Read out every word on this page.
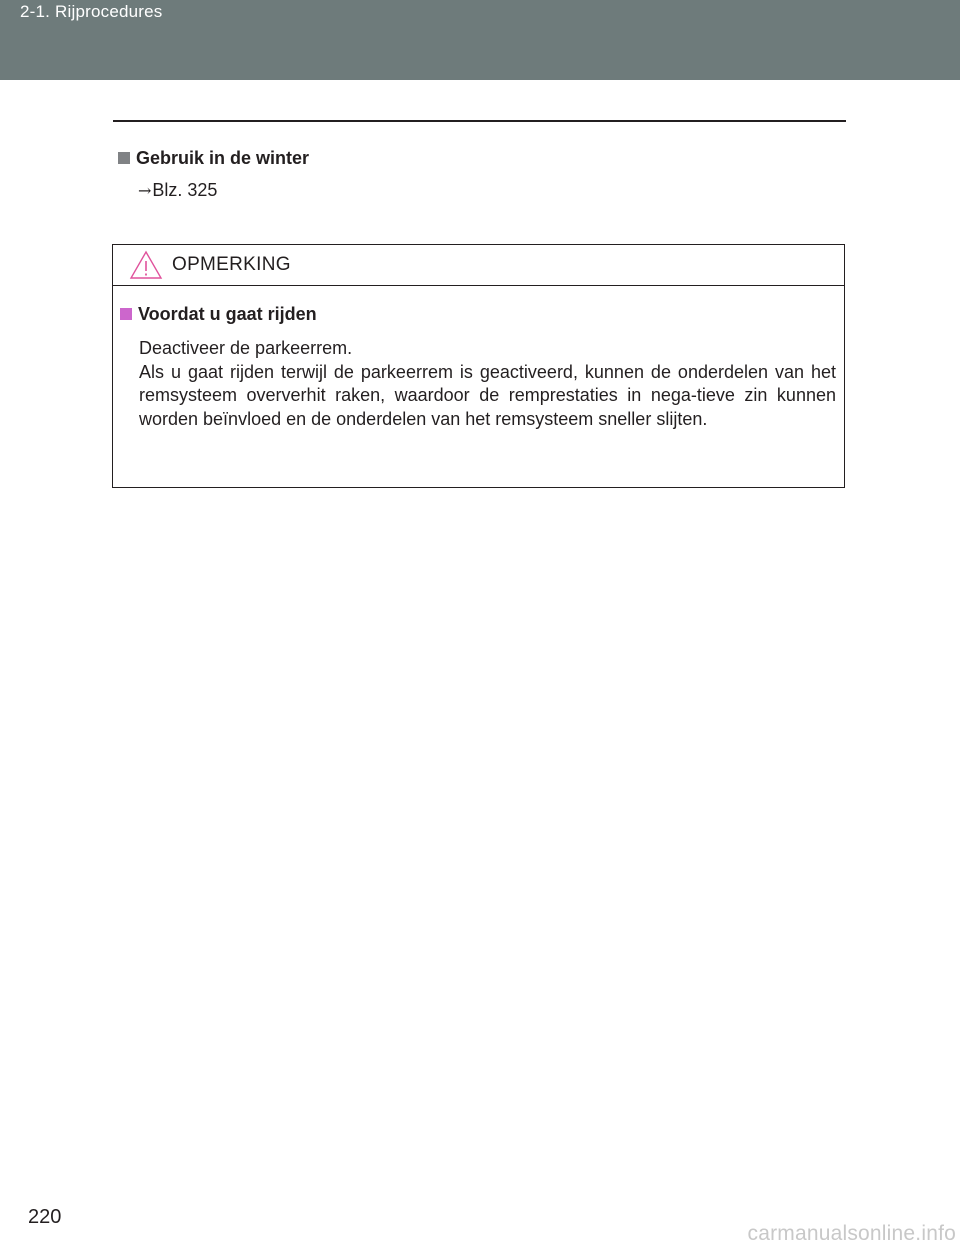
2-1. Rijprocedures
Gebruik in de winter
→Blz. 325
OPMERKING
Voordat u gaat rijden

Deactiveer de parkeerrem.

Als u gaat rijden terwijl de parkeerrem is geactiveerd, kunnen de onderdelen van het remsysteem oververhit raken, waardoor de remprestaties in nega-tieve zin kunnen worden beïnvloed en de onderdelen van het remsysteem sneller slijten.

220
carmanualsonline.info
